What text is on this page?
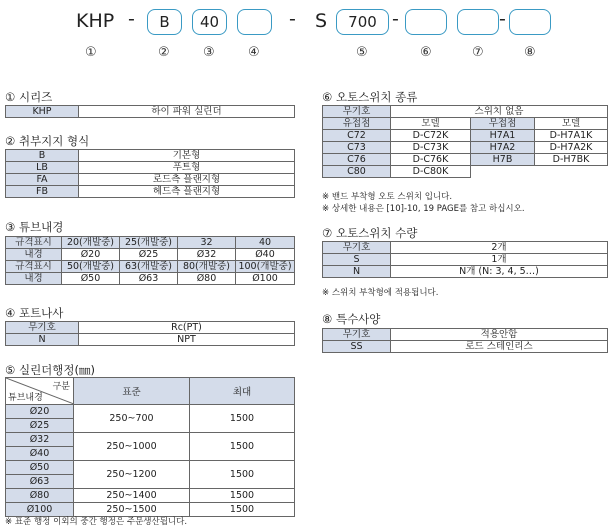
KHP -	B	40	- S	700 -	-
①	②	③	④	⑤	⑥	⑦	⑧
① 시리즈
KHP	하이 파워 실린더
② 취부지지 형식
B	기본형
LB	푸트형
FA	로드측 플랜지형
FB	헤드측 플랜지형
③ 튜브내경
규격표시	20(개발중)	25(개발중)	32	40
내경	Ø20	Ø25	Ø32	Ø40
규격표시	50(개발중)	63(개발중)	80(개발중)	100(개발중)
내경	Ø50	Ø63	Ø80	Ø100
④ 포트나사
무기호	Rc(PT)
N	NPT
⑤ 실린더행정(㎜)
구분
튜브내경	표준	최대
Ø20	250~700	1500
Ø25		
Ø32	250~1000	1500
Ø40		
Ø50	250~1200	1500
Ø63		
Ø80	250~1400	1500
Ø100	250~1500	1500
※ 표준 행정 이외의 중간 행정은 주문생산됩니다.
⑥ 오토스위치 종류
무기호	스위치 없음		
유접점	모델	무접점	모델
C72	D-C72K	H7A1	D-H7A1K
C73	D-C73K	H7A2	D-H7A2K
C76	D-C76K	H7B	D-H7BK
C80	D-C80K		
※ 밴드 부착형 오토 스위치 입니다.
※ 상세한 내용은 [10]-10, 19 PAGE를 참고 하십시오.
⑦ 오토스위치 수량
무기호	2개
S	1개
N	N개 (N: 3, 4, 5…)
※ 스위치 부착형에 적용됩니다.
⑧ 특수사양
무기호	적용안함
SS	로드 스테인리스
